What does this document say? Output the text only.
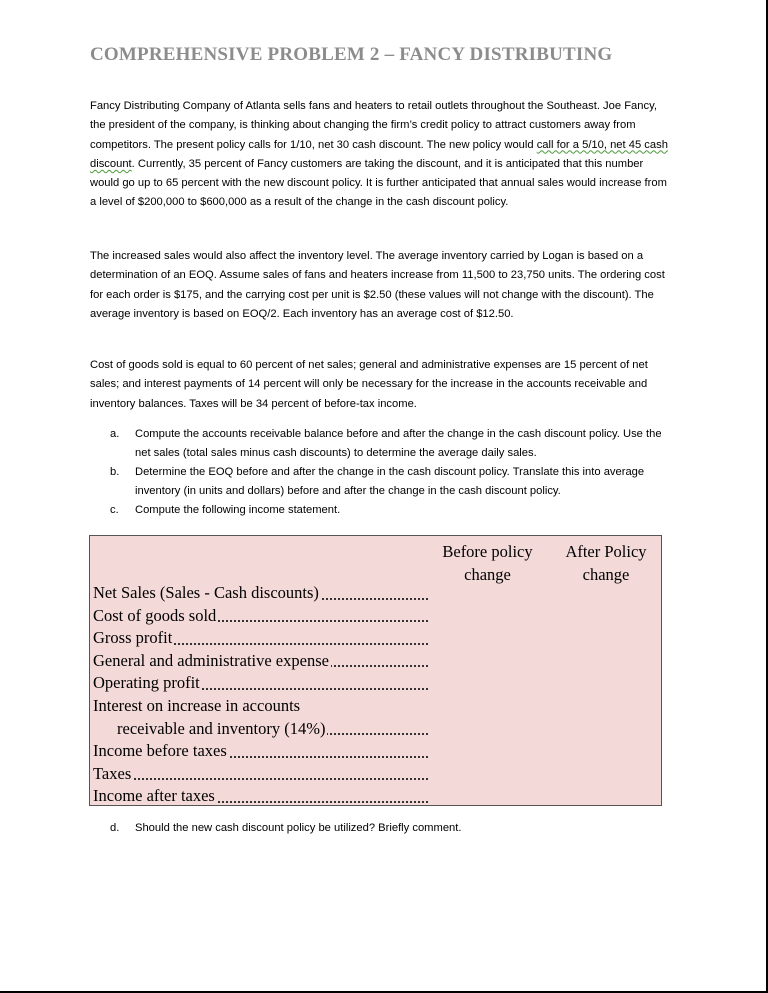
COMPREHENSIVE PROBLEM 2 – FANCY DISTRIBUTING
Fancy Distributing Company of Atlanta sells fans and heaters to retail outlets throughout the Southeast. Joe Fancy, the president of the company, is thinking about changing the firm’s credit policy to attract customers away from competitors. The present policy calls for 1/10, net 30 cash discount. The new policy would call for a 5/10, net 45 cash discount. Currently, 35 percent of Fancy customers are taking the discount, and it is anticipated that this number would go up to 65 percent with the new discount policy. It is further anticipated that annual sales would increase from a level of $200,000 to $600,000 as a result of the change in the cash discount policy.
The increased sales would also affect the inventory level. The average inventory carried by Logan is based on a determination of an EOQ. Assume sales of fans and heaters increase from 11,500 to 23,750 units. The ordering cost for each order is $175, and the carrying cost per unit is $2.50 (these values will not change with the discount). The average inventory is based on EOQ/2. Each inventory has an average cost of $12.50.
Cost of goods sold is equal to 60 percent of net sales; general and administrative expenses are 15 percent of net sales; and interest payments of 14 percent will only be necessary for the increase in the accounts receivable and inventory balances. Taxes will be 34 percent of before-tax income.
a. Compute the accounts receivable balance before and after the change in the cash discount policy. Use the net sales (total sales minus cash discounts) to determine the average daily sales.
b. Determine the EOQ before and after the change in the cash discount policy. Translate this into average inventory (in units and dollars) before and after the change in the cash discount policy.
c. Compute the following income statement.
Before policy change
After Policy change
Net Sales (Sales - Cash discounts)
Cost of goods sold
Gross profit
General and administrative expense
Operating profit
Interest on increase in accounts
receivable and inventory (14%)
Income before taxes
Taxes
Income after taxes
d. Should the new cash discount policy be utilized? Briefly comment.
